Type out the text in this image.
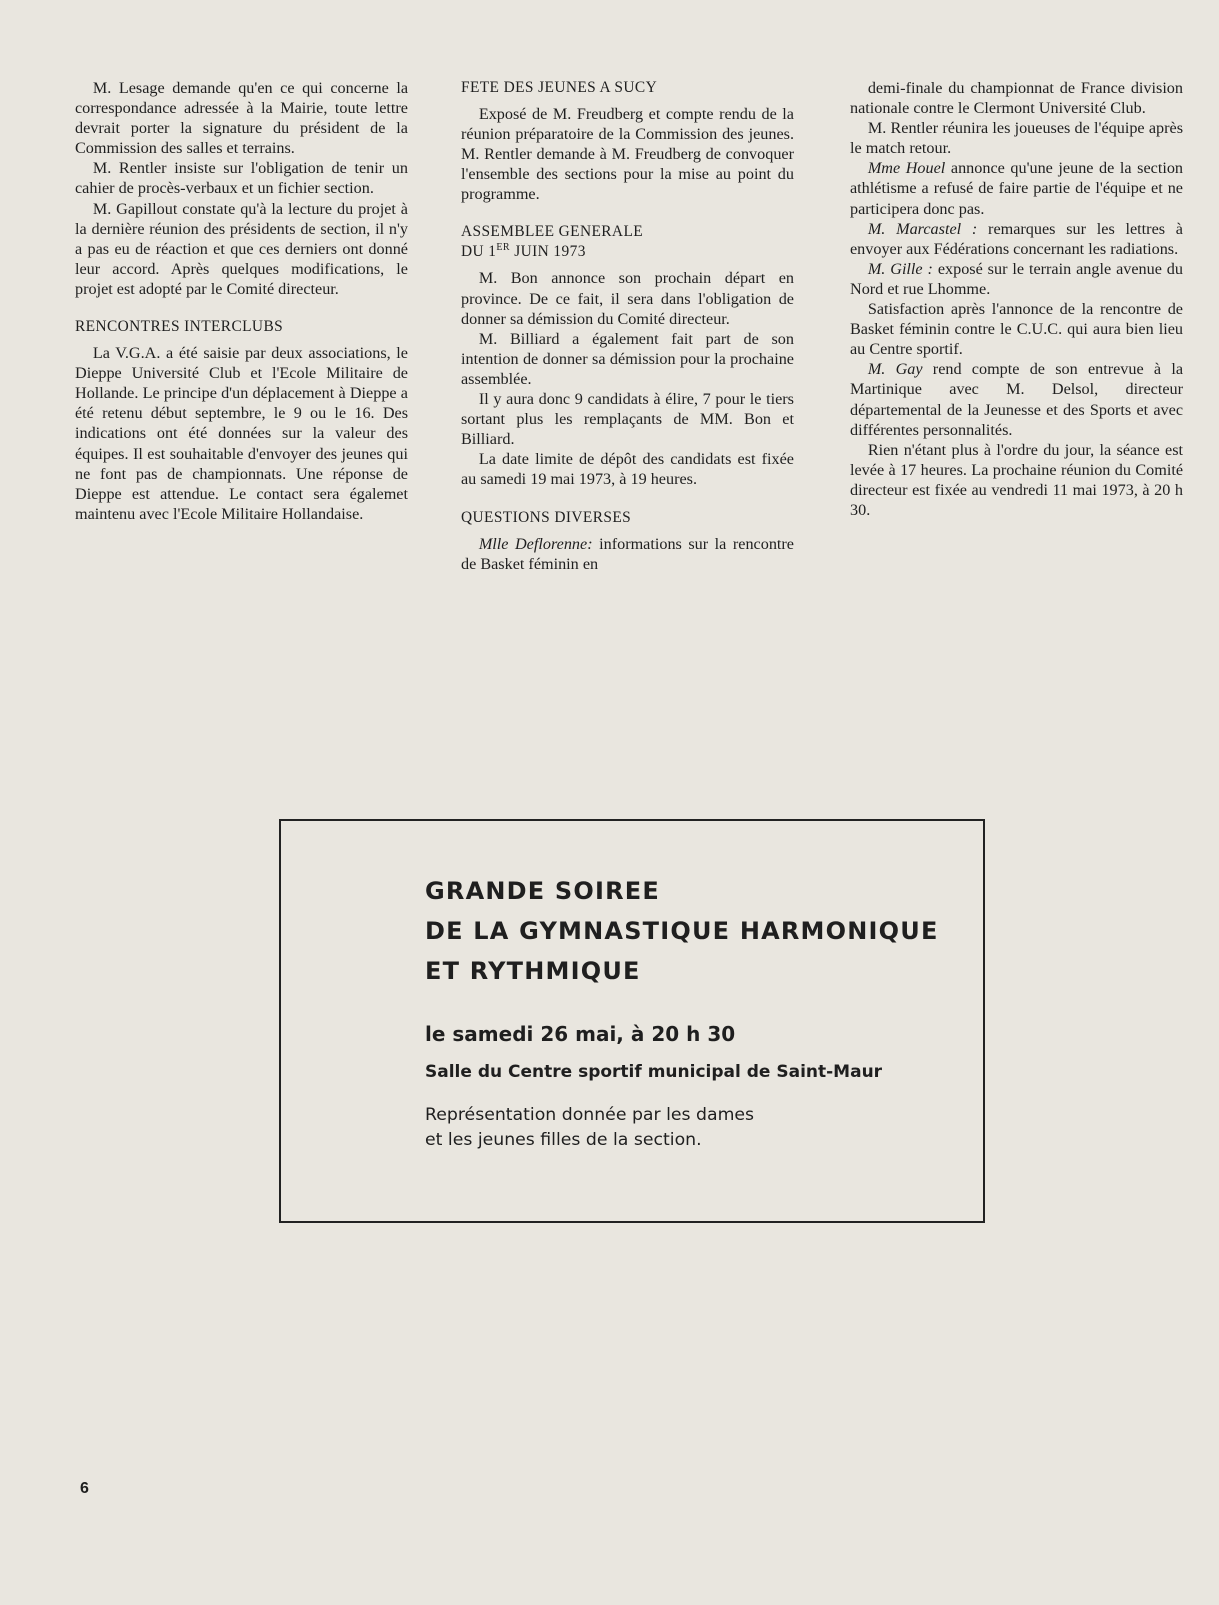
M. Lesage demande qu'en ce qui concerne la correspondance adressée à la Mairie, toute lettre devrait porter la signature du président de la Commission des salles et terrains.

M. Rentler insiste sur l'obligation de tenir un cahier de procès-verbaux et un fichier section.

M. Gapillout constate qu'à la lecture du projet à la dernière réunion des présidents de section, il n'y a pas eu de réaction et que ces derniers ont donné leur accord. Après quelques modifications, le projet est adopté par le Comité directeur.

RENCONTRES INTERCLUBS

La V.G.A. a été saisie par deux associations, le Dieppe Université Club et l'Ecole Militaire de Hollande. Le principe d'un déplacement à Dieppe a été retenu début septembre, le 9 ou le 16. Des indications ont été données sur la valeur des équipes. Il est souhaitable d'envoyer des jeunes qui ne font pas de championnats. Une réponse de Dieppe est attendue. Le contact sera égalemet maintenu avec l'Ecole Militaire Hollandaise.

FETE DES JEUNES A SUCY

Exposé de M. Freudberg et compte rendu de la réunion préparatoire de la Commission des jeunes. M. Rentler demande à M. Freudberg de convoquer l'ensemble des sections pour la mise au point du programme.

ASSEMBLEE GENERALE
DU 1ER JUIN 1973

M. Bon annonce son prochain départ en province. De ce fait, il sera dans l'obligation de donner sa démission du Comité directeur.

M. Billiard a également fait part de son intention de donner sa démission pour la prochaine assemblée.

Il y aura donc 9 candidats à élire, 7 pour le tiers sortant plus les remplaçants de MM. Bon et Billiard.

La date limite de dépôt des candidats est fixée au samedi 19 mai 1973, à 19 heures.

QUESTIONS DIVERSES

Mlle Deflorenne: informations sur la rencontre de Basket féminin en

demi-finale du championnat de France division nationale contre le Clermont Université Club.

M. Rentler réunira les joueuses de l'équipe après le match retour.

Mme Houel annonce qu'une jeune de la section athlétisme a refusé de faire partie de l'équipe et ne participera donc pas.

M. Marcastel : remarques sur les lettres à envoyer aux Fédérations concernant les radiations.

M. Gille : exposé sur le terrain angle avenue du Nord et rue Lhomme.

Satisfaction après l'annonce de la rencontre de Basket féminin contre le C.U.C. qui aura bien lieu au Centre sportif.

M. Gay rend compte de son entrevue à la Martinique avec M. Delsol, directeur départemental de la Jeunesse et des Sports et avec différentes personnalités.

Rien n'étant plus à l'ordre du jour, la séance est levée à 17 heures. La prochaine réunion du Comité directeur est fixée au vendredi 11 mai 1973, à 20 h 30.

GRANDE SOIREE
DE LA GYMNASTIQUE HARMONIQUE
ET RYTHMIQUE

le samedi 26 mai, à 20 h 30

Salle du Centre sportif municipal de Saint-Maur

Représentation donnée par les dames
et les jeunes filles de la section.

6
